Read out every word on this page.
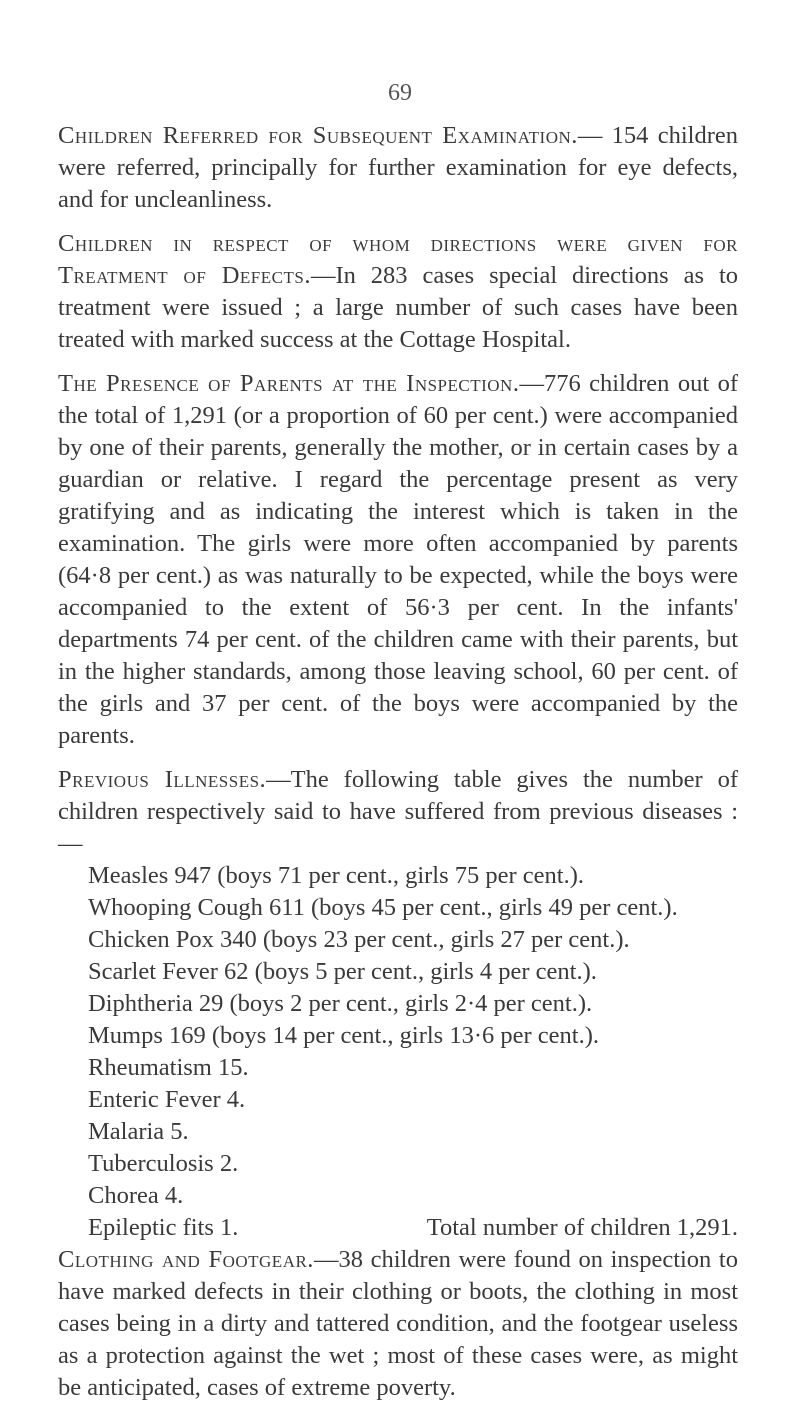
69

Children Referred for Subsequent Examination.— 154 children were referred, principally for further examination for eye defects, and for uncleanliness.

Children in respect of whom directions were given for Treatment of Defects.—In 283 cases special directions as to treatment were issued ; a large number of such cases have been treated with marked success at the Cottage Hospital.

The Presence of Parents at the Inspection.—776 children out of the total of 1,291 (or a proportion of 60 per cent.) were accompanied by one of their parents, generally the mother, or in certain cases by a guardian or relative. I regard the percentage present as very gratifying and as indicating the interest which is taken in the examination. The girls were more often accompanied by parents (64·8 per cent.) as was naturally to be expected, while the boys were accompanied to the extent of 56·3 per cent. In the infants' departments 74 per cent. of the children came with their parents, but in the higher standards, among those leaving school, 60 per cent. of the girls and 37 per cent. of the boys were accompanied by the parents.

Previous Illnesses.—The following table gives the number of children respectively said to have suffered from previous diseases :—

Measles 947 (boys 71 per cent., girls 75 per cent.).
Whooping Cough 611 (boys 45 per cent., girls 49 per cent.).
Chicken Pox 340 (boys 23 per cent., girls 27 per cent.).
Scarlet Fever 62 (boys 5 per cent., girls 4 per cent.).
Diphtheria 29 (boys 2 per cent., girls 2·4 per cent.).
Mumps 169 (boys 14 per cent., girls 13·6 per cent.).
Rheumatism 15.
Enteric Fever 4.
Malaria 5.
Tuberculosis 2.
Chorea 4.
Epileptic fits 1.	Total number of children 1,291.

Clothing and Footgear.—38 children were found on inspection to have marked defects in their clothing or boots, the clothing in most cases being in a dirty and tattered condition, and the footgear useless as a protection against the wet ; most of these cases were, as might be anticipated, cases of extreme poverty.
